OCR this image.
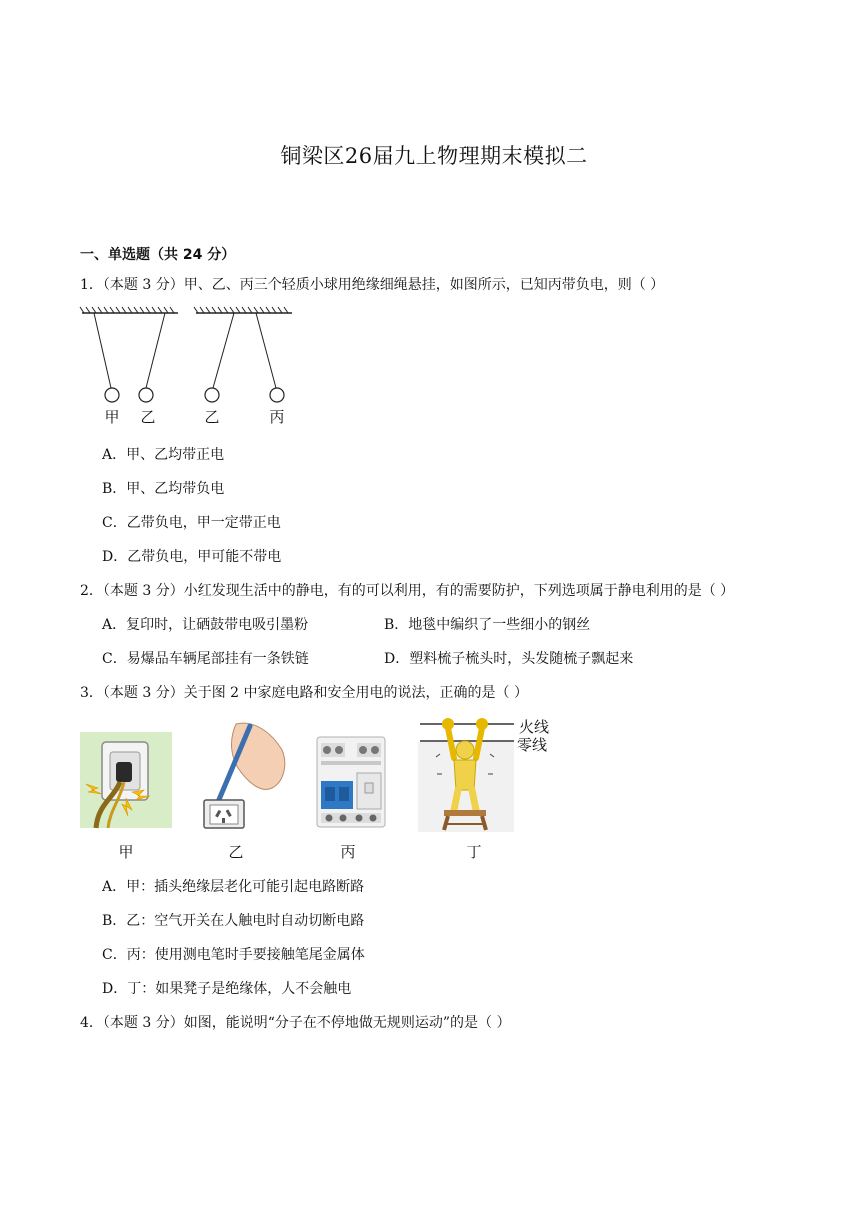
铜梁区26届九上物理期末模拟二
一、单选题（共 24 分）
1．（本题 3 分）甲、乙、丙三个轻质小球用绝缘细绳悬挂，如图所示，已知丙带负电，则（ ）
甲	乙	乙	丙
A．甲、乙均带正电
B．甲、乙均带负电
C．乙带负电，甲一定带正电
D．乙带负电，甲可能不带电
2．（本题 3 分）小红发现生活中的静电，有的可以利用，有的需要防护，下列选项属于静电利用的是（ ）
A．复印时，让硒鼓带电吸引墨粉	B．地毯中编织了一些细小的钢丝
C．易爆品车辆尾部挂有一条铁链	D．塑料梳子梳头时，头发随梳子飘起来
3．（本题 3 分）关于图 2 中家庭电路和安全用电的说法，正确的是（ ）
火线
零线
甲	乙	丙	丁
A．甲：插头绝缘层老化可能引起电路断路
B．乙：空气开关在人触电时自动切断电路
C．丙：使用测电笔时手要接触笔尾金属体
D．丁：如果凳子是绝缘体，人不会触电
4．（本题 3 分）如图，能说明“分子在不停地做无规则运动”的是（ ）
